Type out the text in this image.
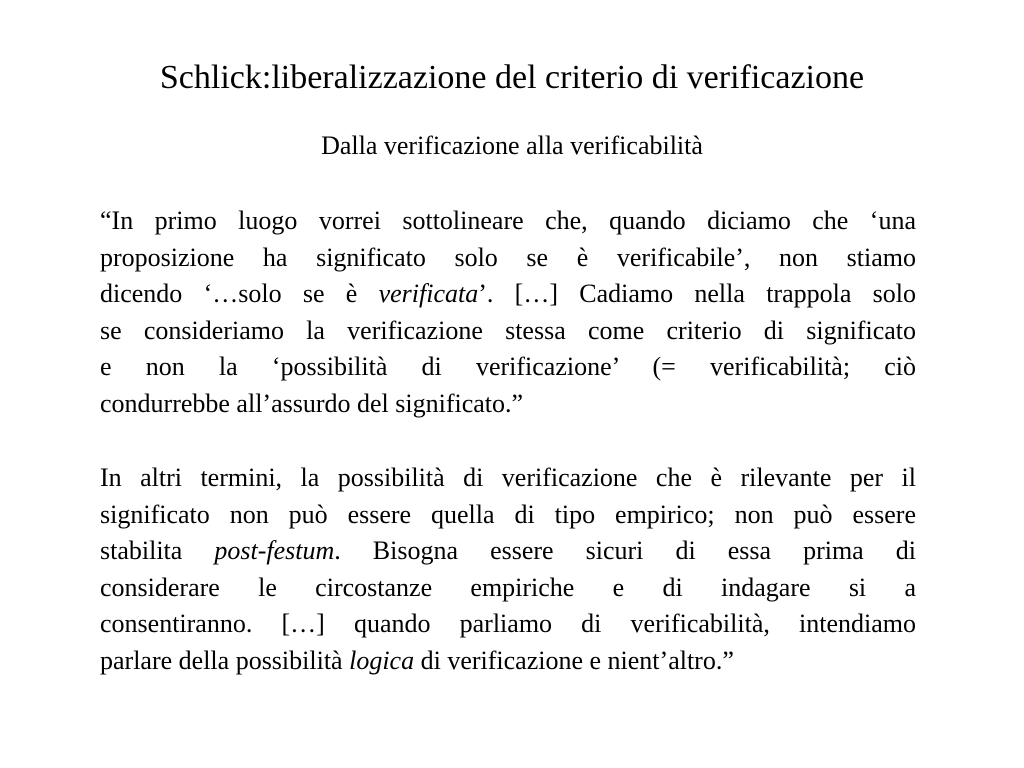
Schlick:liberalizzazione del criterio di verificazione
Dalla verificazione alla verificabilità
“In primo luogo vorrei sottolineare che, quando diciamo che ‘una
proposizione ha significato solo se è verificabile’, non stiamo
dicendo ‘…solo se è verificata’. […] Cadiamo nella trappola solo
se consideriamo la verificazione stessa come criterio di significato
e non la ‘possibilità di verificazione’ (= verificabilità; ciò
condurrebbe all’assurdo del significato.”
In altri termini, la possibilità di verificazione che è rilevante per il
significato non può essere quella di tipo empirico; non può essere
stabilita post-festum. Bisogna essere sicuri di essa prima di
considerare le circostanze empiriche e di indagare si a
consentiranno. […] quando parliamo di verificabilità, intendiamo
parlare della possibilità logica di verificazione e nient’altro.”
